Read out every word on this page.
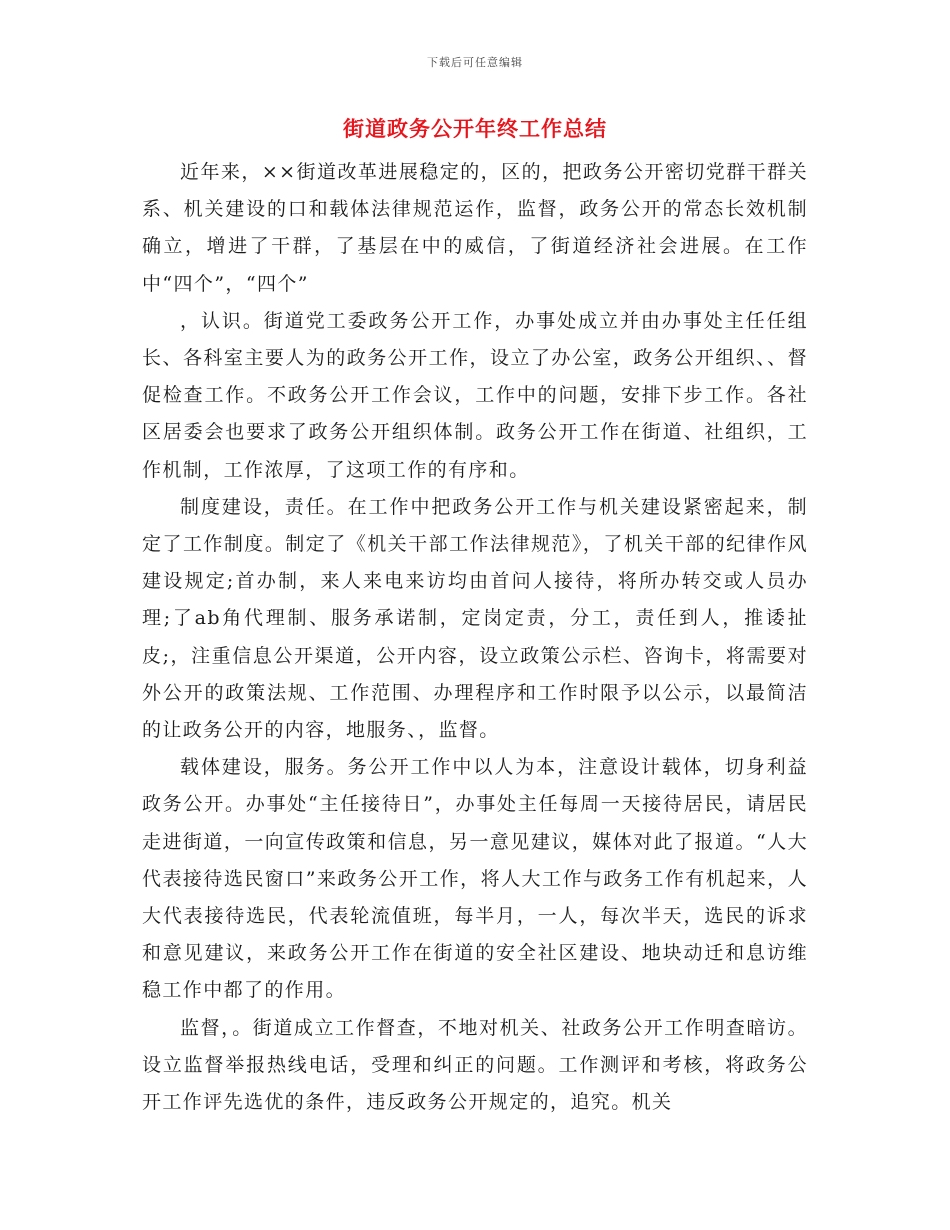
下载后可任意编辑
街道政务公开年终工作总结

近年来，××街道改革进展稳定的，区的，把政务公开密切党群干群关系、机关建设的口和载体法律规范运作，监督，政务公开的常态长效机制确立，增进了干群，了基层在中的威信，了街道经济社会进展。在工作中“四个”，“四个”

，认识。街道党工委政务公开工作，办事处成立并由办事处主任任组长、各科室主要人为的政务公开工作，设立了办公室，政务公开组织、、督促检查工作。不政务公开工作会议，工作中的问题，安排下步工作。各社区居委会也要求了政务公开组织体制。政务公开工作在街道、社组织，工作机制，工作浓厚，了这项工作的有序和。

制度建设，责任。在工作中把政务公开工作与机关建设紧密起来，制定了工作制度。制定了《机关干部工作法律规范》，了机关干部的纪律作风建设规定;首办制，来人来电来访均由首问人接待，将所办转交或人员办理;了ab角代理制、服务承诺制，定岗定责，分工，责任到人，推诿扯皮;，注重信息公开渠道，公开内容，设立政策公示栏、咨询卡，将需要对外公开的政策法规、工作范围、办理程序和工作时限予以公示，以最简洁的让政务公开的内容，地服务、，监督。

载体建设，服务。务公开工作中以人为本，注意设计载体，切身利益政务公开。办事处“主任接待日”，办事处主任每周一天接待居民，请居民走进街道，一向宣传政策和信息，另一意见建议，媒体对此了报道。“人大代表接待选民窗口”来政务公开工作，将人大工作与政务工作有机起来，人大代表接待选民，代表轮流值班，每半月，一人，每次半天，选民的诉求和意见建议，来政务公开工作在街道的安全社区建设、地块动迁和息访维稳工作中都了的作用。

监督，。街道成立工作督查，不地对机关、社政务公开工作明查暗访。设立监督举报热线电话，受理和纠正的问题。工作测评和考核，将政务公开工作评先选优的条件，违反政务公开规定的，追究。机关
